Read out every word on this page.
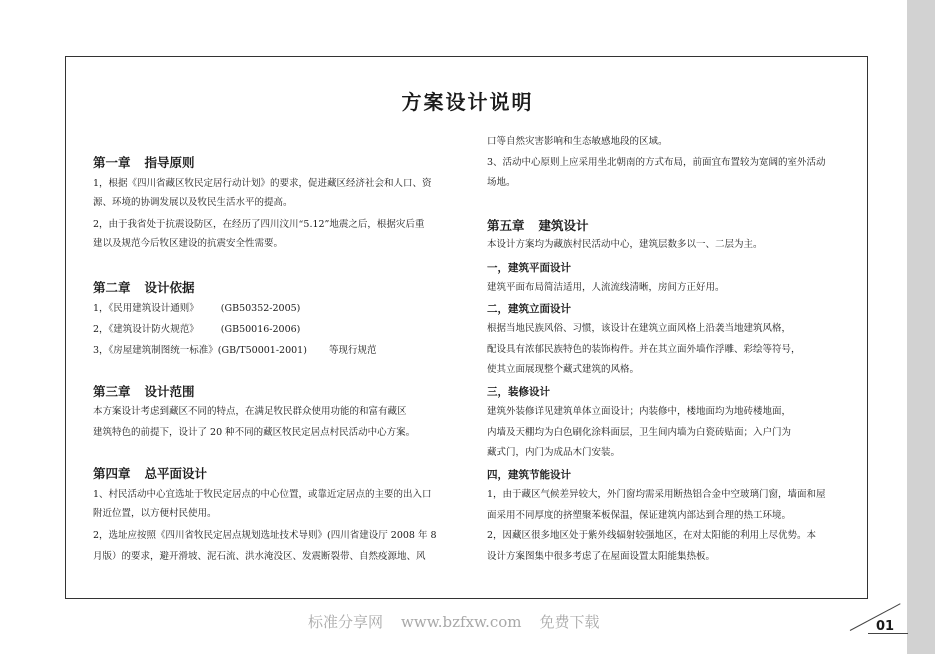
方案设计说明
第一章 指导原则
1，根据《四川省藏区牧民定居行动计划》的要求，促进藏区经济社会和人口、资
源、环境的协调发展以及牧民生活水平的提高。
2，由于我省处于抗震设防区，在经历了四川汶川“5.12”地震之后，根据灾后重
建以及规范今后牧区建设的抗震安全性需要。
第二章 设计依据
1，《民用建筑设计通则》 (GB50352-2005)
2，《建筑设计防火规范》 (GB50016-2006)
3，《房屋建筑制图统一标准》(GB/T50001-2001) 等现行规范
第三章 设计范围
本方案设计考虑到藏区不同的特点，在满足牧民群众使用功能的和富有藏区
建筑特色的前提下，设计了 20 种不同的藏区牧民定居点村民活动中心方案。
第四章 总平面设计
1、村民活动中心宜选址于牧民定居点的中心位置，或靠近定居点的主要的出入口
附近位置，以方便村民使用。
2，选址应按照《四川省牧民定居点规划选址技术导则》(四川省建设厅 2008 年 8
月版）的要求，避开滑坡、泥石流、洪水淹没区、发震断裂带、自然疫源地、风
口等自然灾害影响和生态敏感地段的区域。
3、活动中心原则上应采用坐北朝南的方式布局，前面宜布置较为宽阔的室外活动
场地。
第五章 建筑设计
本设计方案均为藏族村民活动中心，建筑层数多以一、二层为主。
一，建筑平面设计
建筑平面布局简洁适用，人流流线清晰，房间方正好用。
二，建筑立面设计
根据当地民族风俗、习惯，该设计在建筑立面风格上沿袭当地建筑风格，
配设具有浓郁民族特色的装饰构件。并在其立面外墙作浮雕、彩绘等符号，
使其立面展现整个藏式建筑的风格。
三，装修设计
建筑外装修详见建筑单体立面设计；内装修中，楼地面均为地砖楼地面，
内墙及天棚均为白色刷化涂料面层，卫生间内墙为白瓷砖贴面；入户门为
藏式门，内门为成品木门安装。
四，建筑节能设计
1，由于藏区气候差异较大，外门窗均需采用断热铝合金中空玻璃门窗，墙面和屋
面采用不同厚度的挤塑聚苯板保温，保证建筑内部达到合理的热工环境。
2，因藏区很多地区处于紫外线辐射较强地区，在对太阳能的利用上尽优势。本
设计方案图集中很多考虑了在屋面设置太阳能集热板。
标准分享网 www.bzfxw.com 免费下载	01
